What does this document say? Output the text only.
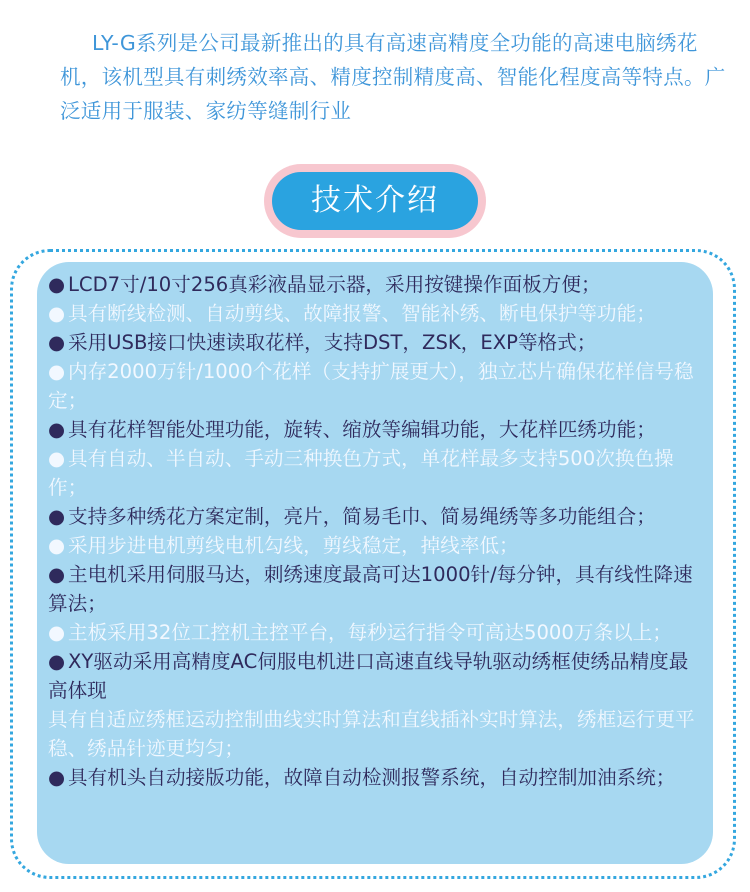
LY-G系列是公司最新推出的具有高速高精度全功能的高速电脑绣花机，该机型具有刺绣效率高、精度控制精度高、智能化程度高等特点。广泛适用于服装、家纺等缝制行业
技术介绍
● LCD7寸/10寸256真彩液晶显示器，采用按键操作面板方便；
● 具有断线检测、自动剪线、故障报警、智能补绣、断电保护等功能；
● 采用USB接口快速读取花样，支持DST，ZSK，EXP等格式；
● 内存2000万针/1000个花样（支持扩展更大），独立芯片确保花样信号稳定；
● 具有花样智能处理功能，旋转、缩放等编辑功能，大花样匹绣功能；
● 具有自动、半自动、手动三种换色方式，单花样最多支持500次换色操作；
● 支持多种绣花方案定制，亮片，简易毛巾、简易绳绣等多功能组合；
● 采用步进电机剪线电机勾线，剪线稳定，掉线率低；
● 主电机采用伺服马达，刺绣速度最高可达1000针/每分钟，具有线性降速算法；
● 主板采用32位工控机主控平台，每秒运行指令可高达5000万条以上；
● XY驱动采用高精度AC伺服电机进口高速直线导轨驱动绣框使绣品精度最高体现
具有自适应绣框运动控制曲线实时算法和直线插补实时算法，绣框运行更平稳、绣品针迹更均匀；
● 具有机头自动接版功能，故障自动检测报警系统，自动控制加油系统；
